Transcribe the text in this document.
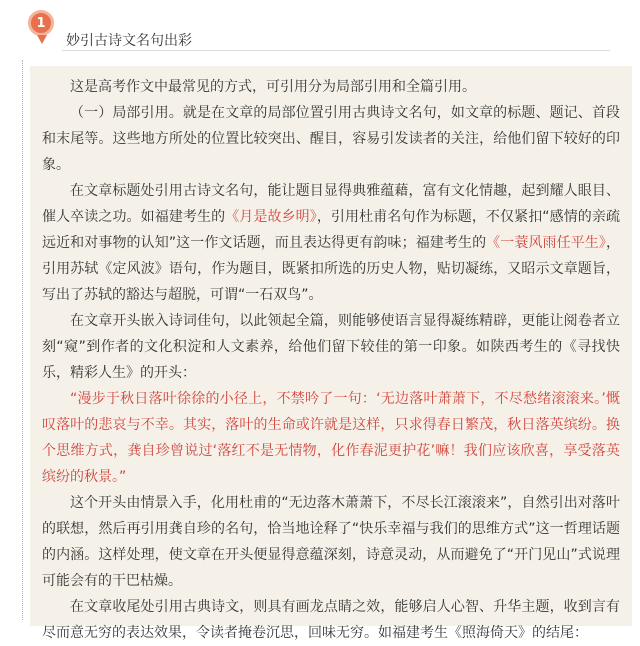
1
妙引古诗文名句出彩

这是高考作文中最常见的方式，可引用分为局部引用和全篇引用。

（一）局部引用。就是在文章的局部位置引用古典诗文名句，如文章的标题、题记、首段和末尾等。这些地方所处的位置比较突出、醒目，容易引发读者的关注，给他们留下较好的印象。

在文章标题处引用古诗文名句，能让题目显得典雅蕴藉，富有文化情趣，起到耀人眼目、催人卒读之功。如福建考生的《月是故乡明》，引用杜甫名句作为标题，不仅紧扣“感情的亲疏远近和对事物的认知”这一作文话题，而且表达得更有韵味；福建考生的《一蓑风雨任平生》，引用苏轼《定风波》语句，作为题目，既紧扣所选的历史人物，贴切凝练，又昭示文章题旨，写出了苏轼的豁达与超脱，可谓“一石双鸟”。

在文章开头嵌入诗词佳句，以此领起全篇，则能够使语言显得凝练精辟，更能让阅卷者立刻“窥”到作者的文化积淀和人文素养，给他们留下较佳的第一印象。如陕西考生的《寻找快乐，精彩人生》的开头：

“漫步于秋日落叶徐徐的小径上，不禁吟了一句：‘无边落叶萧萧下，不尽愁绪滚滚来。’慨叹落叶的悲哀与不幸。其实，落叶的生命或许就是这样，只求得春日繁茂，秋日落英缤纷。换个思维方式，龚自珍曾说过‘落红不是无情物，化作春泥更护花’嘛！我们应该欣喜，享受落英缤纷的秋景。”

这个开头由情景入手，化用杜甫的“无边落木萧萧下，不尽长江滚滚来”，自然引出对落叶的联想，然后再引用龚自珍的名句，恰当地诠释了“快乐幸福与我们的思维方式”这一哲理话题的内涵。这样处理，使文章在开头便显得意蕴深刻，诗意灵动，从而避免了“开门见山”式说理可能会有的干巴枯燥。

在文章收尾处引用古典诗文，则具有画龙点睛之效，能够启人心智、升华主题，收到言有尽而意无穷的表达效果，令读者掩卷沉思，回味无穷。如福建考生《照海倚天》的结尾：
